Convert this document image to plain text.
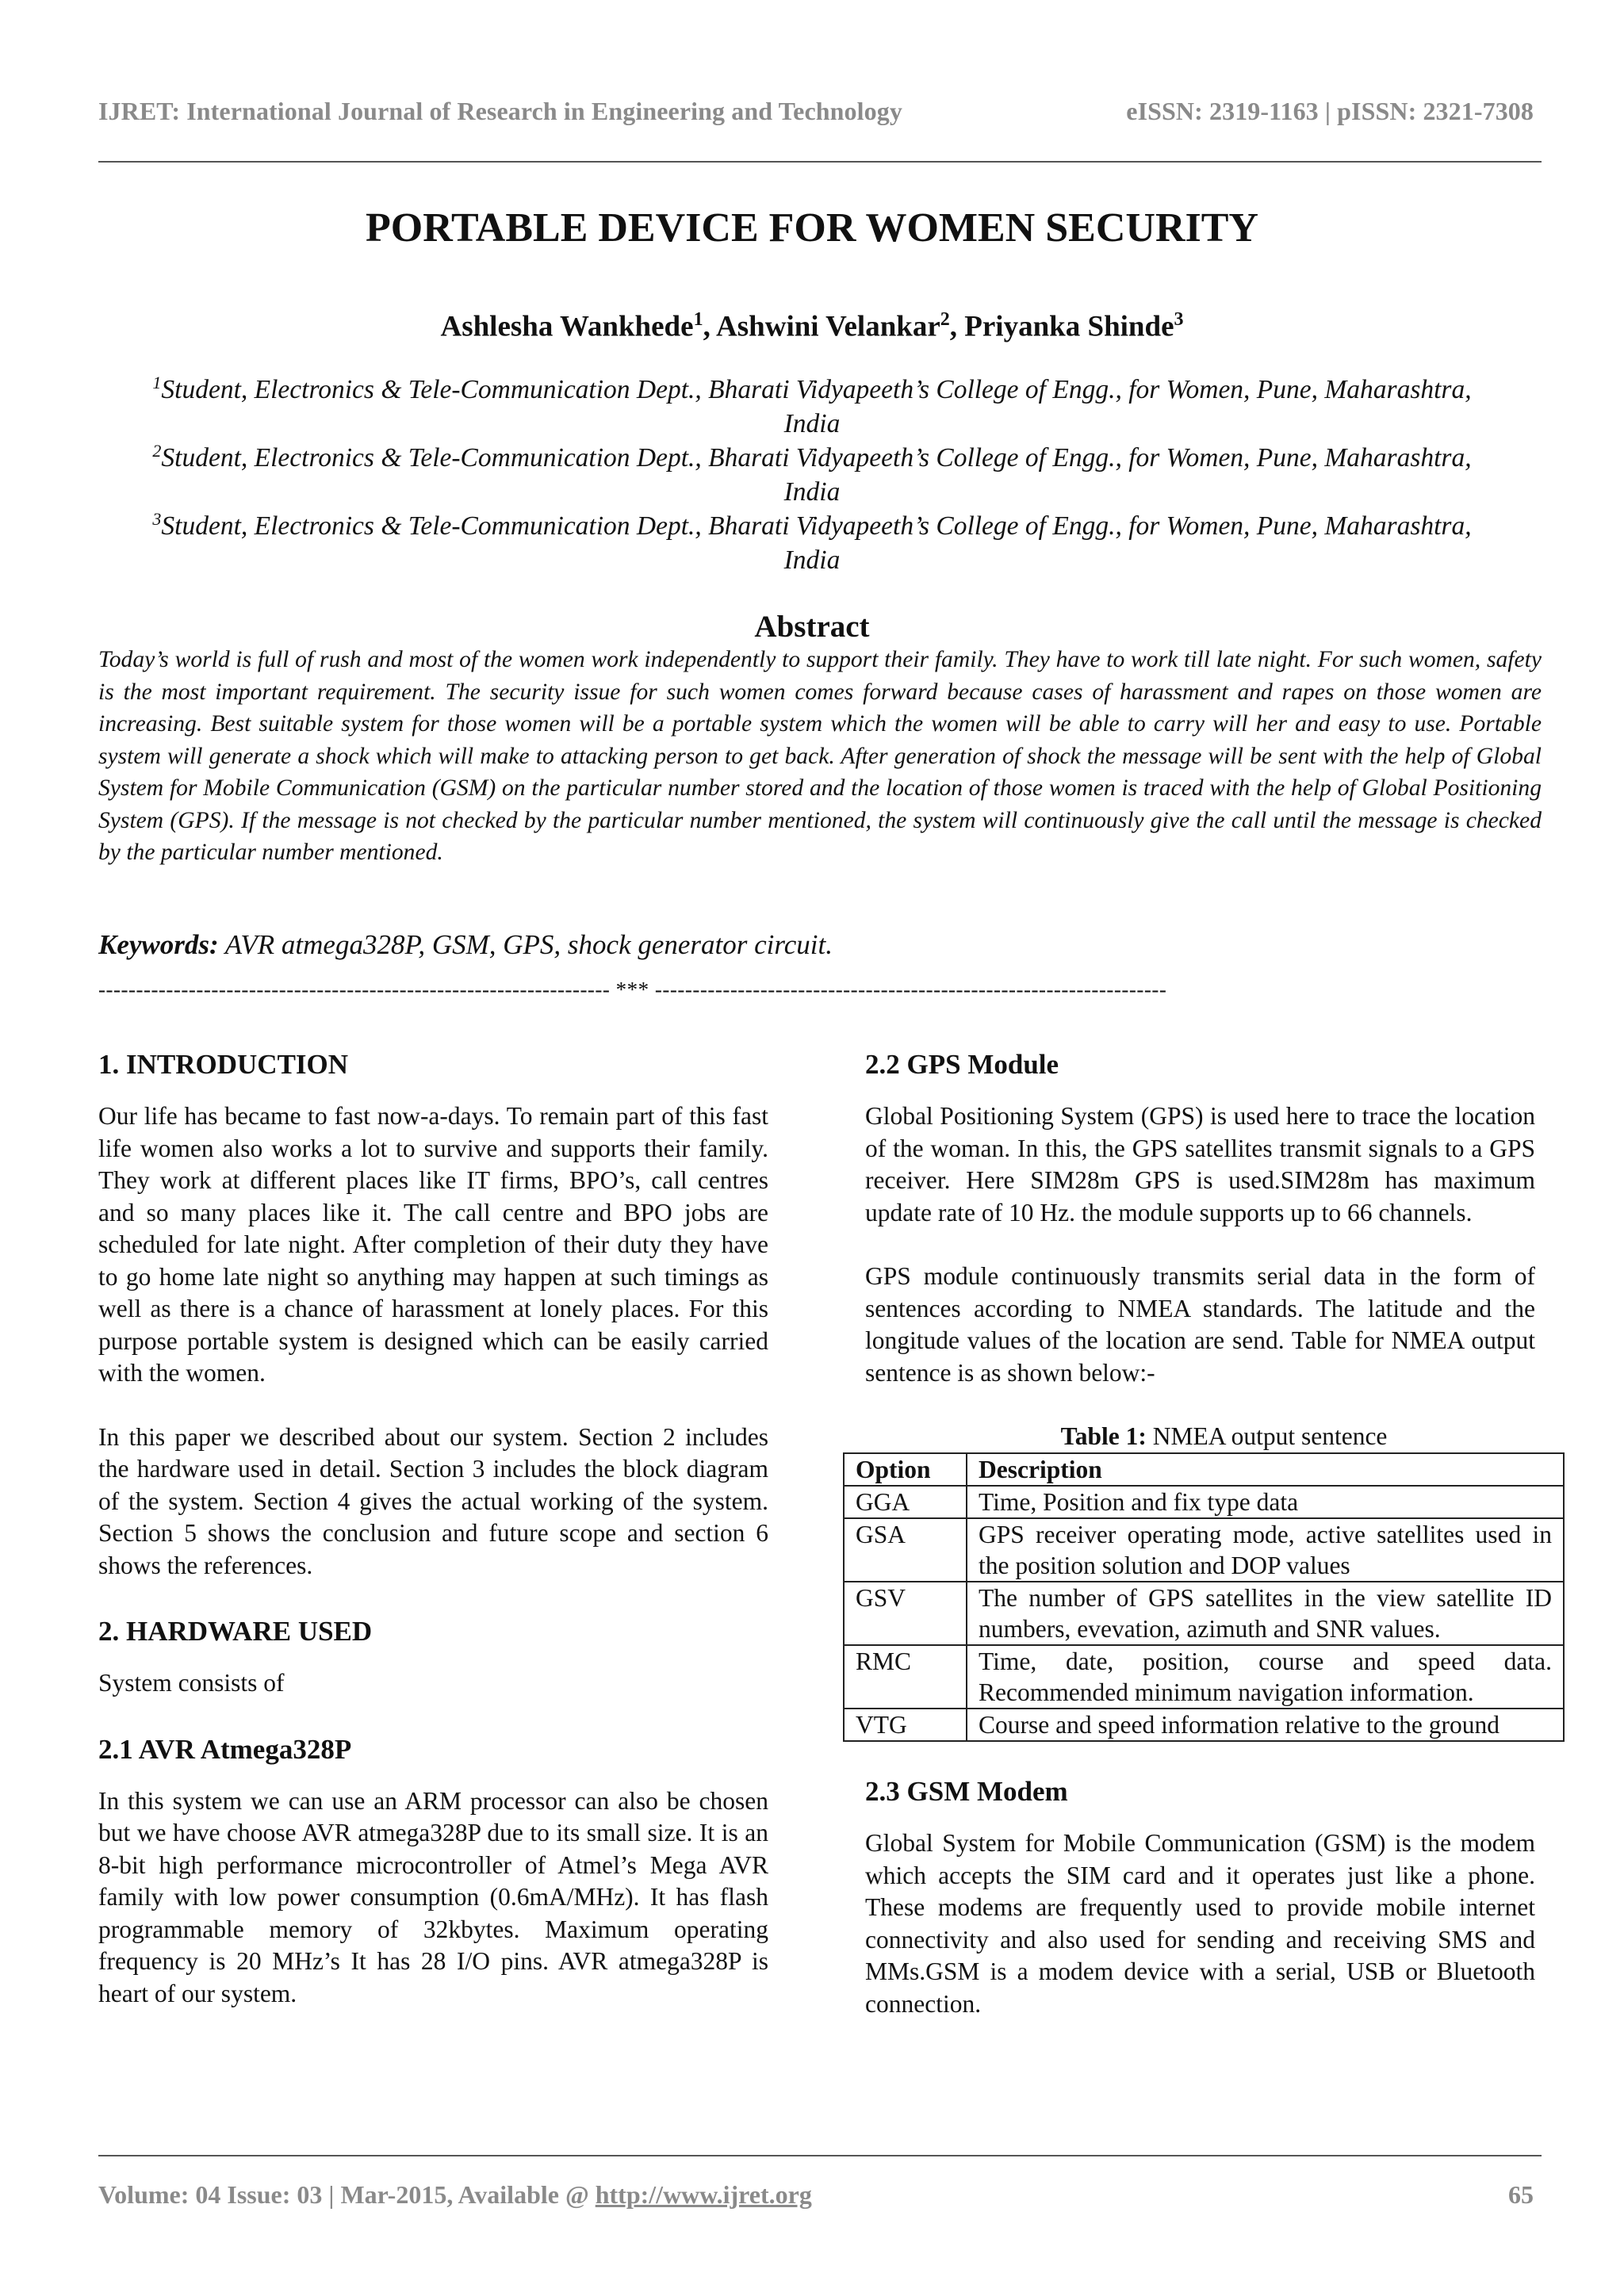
IJRET: International Journal of Research in Engineering and Technology	eISSN: 2319-1163 | pISSN: 2321-7308
PORTABLE DEVICE FOR WOMEN SECURITY
Ashlesha Wankhede$^1$, Ashwini Velankar$^2$, Priyanka Shinde$^3$
$^1$Student, Electronics & Tele-Communication Dept., Bharati Vidyapeeth’s College of Engg., for Women, Pune, Maharashtra, India
$^2$Student, Electronics & Tele-Communication Dept., Bharati Vidyapeeth’s College of Engg., for Women, Pune, Maharashtra, India
$^3$Student, Electronics & Tele-Communication Dept., Bharati Vidyapeeth’s College of Engg., for Women, Pune, Maharashtra, India
Abstract
Today’s world is full of rush and most of the women work independently to support their family. They have to work till late night. For such women, safety is the most important requirement. The security issue for such women comes forward because cases of harassment and rapes on those women are increasing. Best suitable system for those women will be a portable system which the women will be able to carry will her and easy to use. Portable system will generate a shock which will make to attacking person to get back. After generation of shock the message will be sent with the help of Global System for Mobile Communication (GSM) on the particular number stored and the location of those women is traced with the help of Global Positioning System (GPS). If the message is not checked by the particular number mentioned, the system will continuously give the call until the message is checked by the particular number mentioned.
Keywords: AVR atmega328P, GSM, GPS, shock generator circuit.
-------------------------------------------------------------------- *** --------------------------------------------------------------------
1. INTRODUCTION

Our life has became to fast now-a-days. To remain part of this fast life women also works a lot to survive and supports their family. They work at different places like IT firms, BPO’s, call centres and so many places like it. The call centre and BPO jobs are scheduled for late night. After completion of their duty they have to go home late night so anything may happen at such timings as well as there is a chance of harassment at lonely places. For this purpose portable system is designed which can be easily carried with the women.

In this paper we described about our system. Section 2 includes the hardware used in detail. Section 3 includes the block diagram of the system. Section 4 gives the actual working of the system. Section 5 shows the conclusion and future scope and section 6 shows the references.

2. HARDWARE USED

System consists of

2.1 AVR Atmega328P

In this system we can use an ARM processor can also be chosen but we have choose AVR atmega328P due to its small size. It is an 8-bit high performance microcontroller of Atmel’s Mega AVR family with low power consumption (0.6mA/MHz). It has flash programmable memory of 32kbytes. Maximum operating frequency is 20 MHz’s It has 28 I/O pins. AVR atmega328P is heart of our system.

2.2 GPS Module

Global Positioning System (GPS) is used here to trace the location of the woman. In this, the GPS satellites transmit signals to a GPS receiver. Here SIM28m GPS is used.SIM28m has maximum update rate of 10 Hz. the module supports up to 66 channels.

GPS module continuously transmits serial data in the form of sentences according to NMEA standards. The latitude and the longitude values of the location are send. Table for NMEA output sentence is as shown below:-

Table 1: NMEA output sentence

Option	Description
GGA	Time, Position and fix type data
GSA	GPS receiver operating mode, active satellites used in the position solution and DOP values
GSV	The number of GPS satellites in the view satellite ID numbers, evevation, azimuth and SNR values.
RMC	Time, date, position, course and speed data. Recommended minimum navigation information.
VTG	Course and speed information relative to the ground
2.3 GSM Modem

Global System for Mobile Communication (GSM) is the modem which accepts the SIM card and it operates just like a phone. These modems are frequently used to provide mobile internet connectivity and also used for sending and receiving SMS and MMs.GSM is a modem device with a serial, USB or Bluetooth connection.

Volume: 04 Issue: 03 | Mar-2015, Available @ http://www.ijret.org	65
